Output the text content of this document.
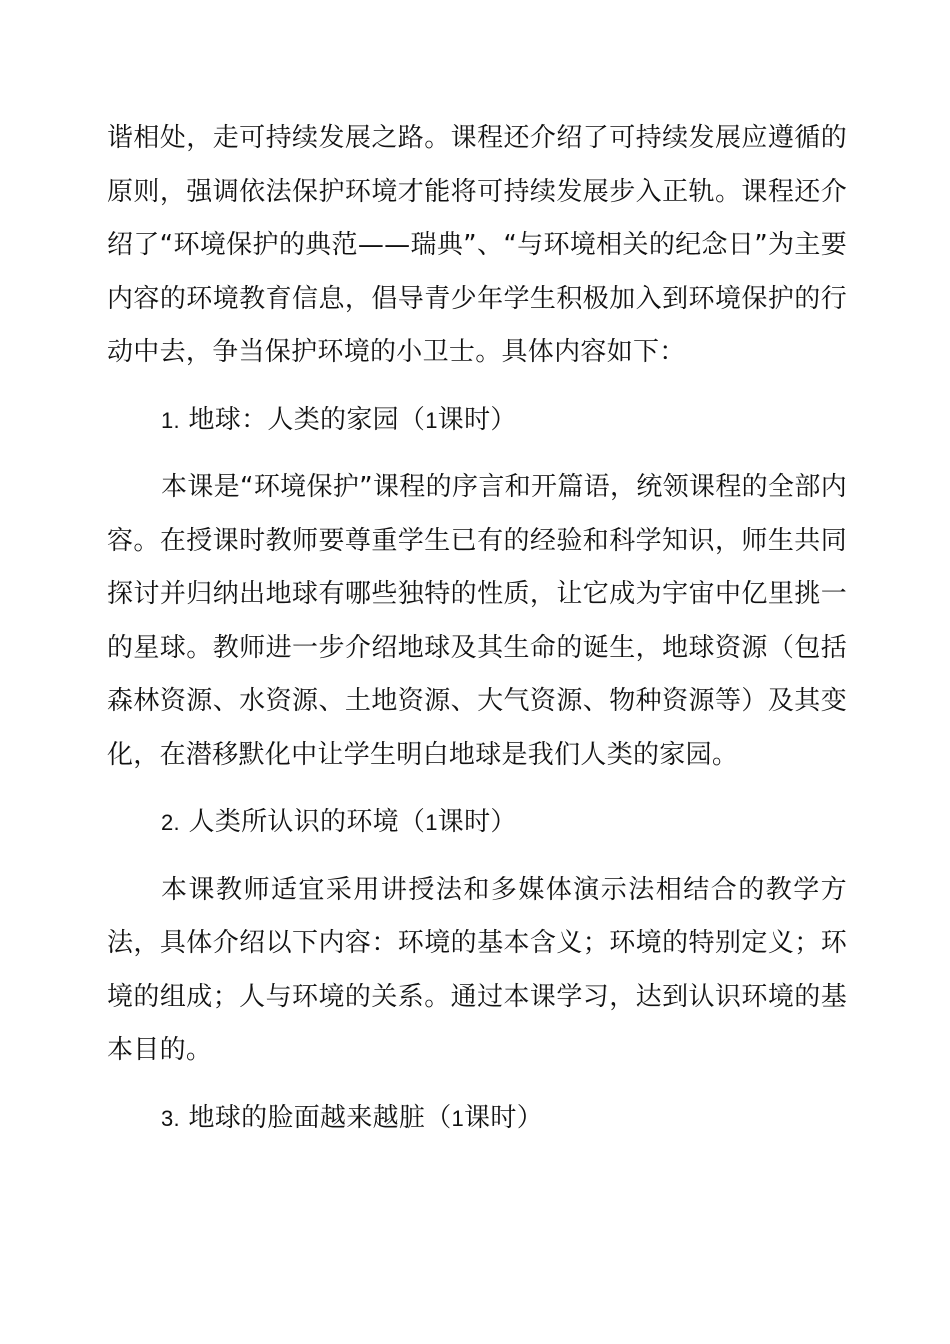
谐相处，走可持续发展之路。课程还介绍了可持续发展应遵循的原则，强调依法保护环境才能将可持续发展步入正轨。课程还介绍了“环境保护的典范——瑞典”、“与环境相关的纪念日”为主要内容的环境教育信息，倡导青少年学生积极加入到环境保护的行动中去，争当保护环境的小卫士。具体内容如下：

1. 地球：人类的家园（1课时）

本课是“环境保护”课程的序言和开篇语，统领课程的全部内容。在授课时教师要尊重学生已有的经验和科学知识，师生共同探讨并归纳出地球有哪些独特的性质，让它成为宇宙中亿里挑一的星球。教师进一步介绍地球及其生命的诞生，地球资源（包括森林资源、水资源、土地资源、大气资源、物种资源等）及其变化，在潜移默化中让学生明白地球是我们人类的家园。

2. 人类所认识的环境（1课时）

本课教师适宜采用讲授法和多媒体演示法相结合的教学方法，具体介绍以下内容：环境的基本含义；环境的特别定义；环境的组成；人与环境的关系。通过本课学习，达到认识环境的基本目的。

3. 地球的脸面越来越脏（1课时）
